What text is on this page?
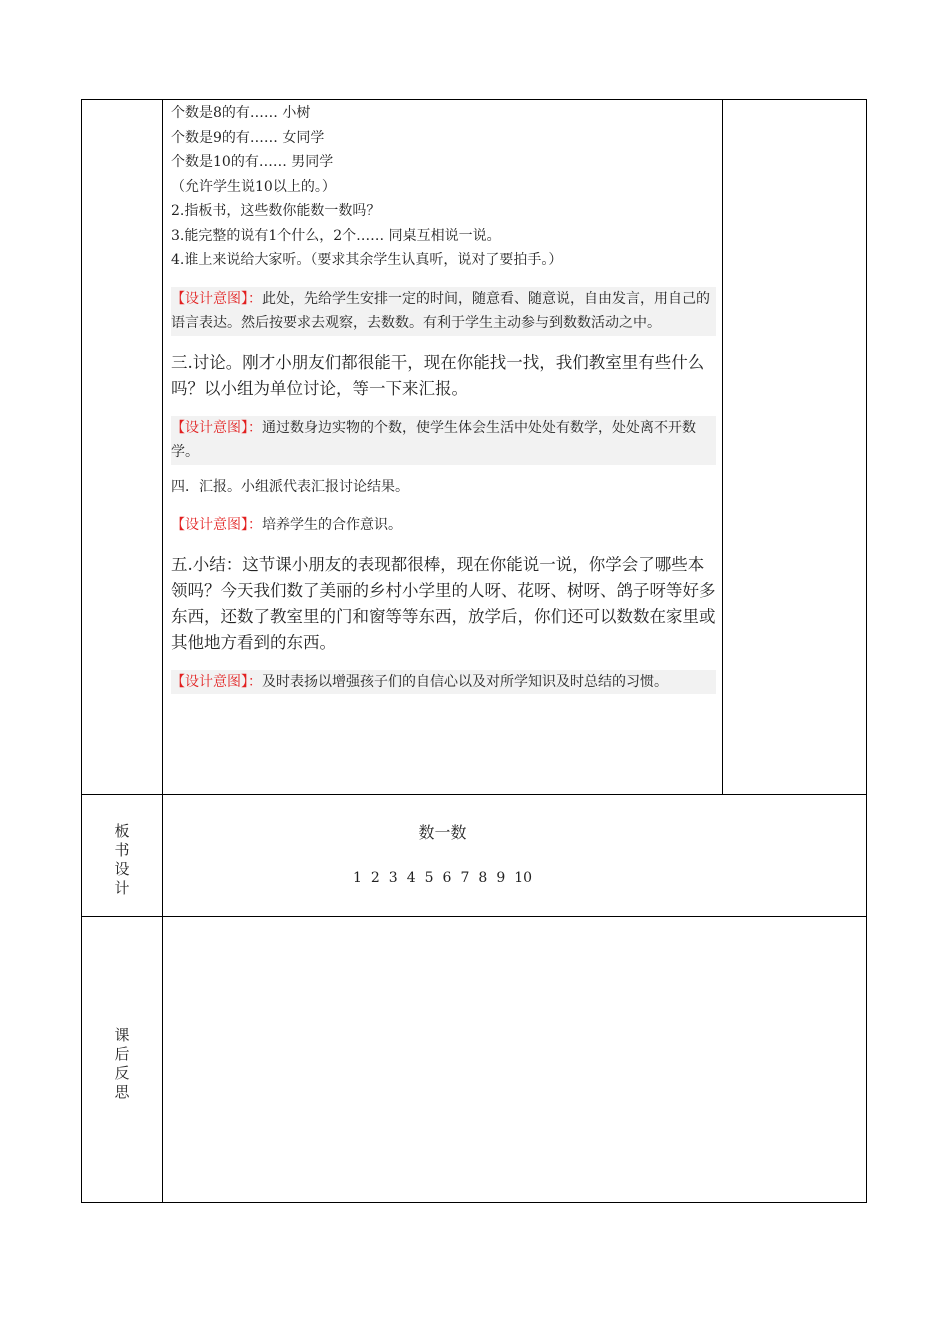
个数是8的有…… 小树
个数是9的有…… 女同学
个数是10的有…… 男同学
（允许学生说10以上的。）
2.指板书，这些数你能数一数吗？
3.能完整的说有1个什么，2个…… 同桌互相说一说。
4.谁上来说给大家听。（要求其余学生认真听，说对了要拍手。）
【设计意图】：此处，先给学生安排一定的时间，随意看、随意说，自由发言，用自己的语言表达。然后按要求去观察，去数数。有利于学生主动参与到数数活动之中。
三.讨论。刚才小朋友们都很能干，现在你能找一找，我们教室里有些什么吗？以小组为单位讨论，等一下来汇报。
【设计意图】：通过数身边实物的个数，使学生体会生活中处处有数学，处处离不开数学。
四．汇报。小组派代表汇报讨论结果。
【设计意图】：培养学生的合作意识。
五.小结：这节课小朋友的表现都很棒，现在你能说一说，你学会了哪些本领吗？今天我们数了美丽的乡村小学里的人呀、花呀、树呀、鸽子呀等好多东西，还数了教室里的门和窗等等东西，放学后，你们还可以数数在家里或其他地方看到的东西。
【设计意图】：及时表扬以增强孩子们的自信心以及对所学知识及时总结的习惯。
板
书
设
计
数一数
1 2 3 4 5 6 7 8 9 10
课
后
反
思
